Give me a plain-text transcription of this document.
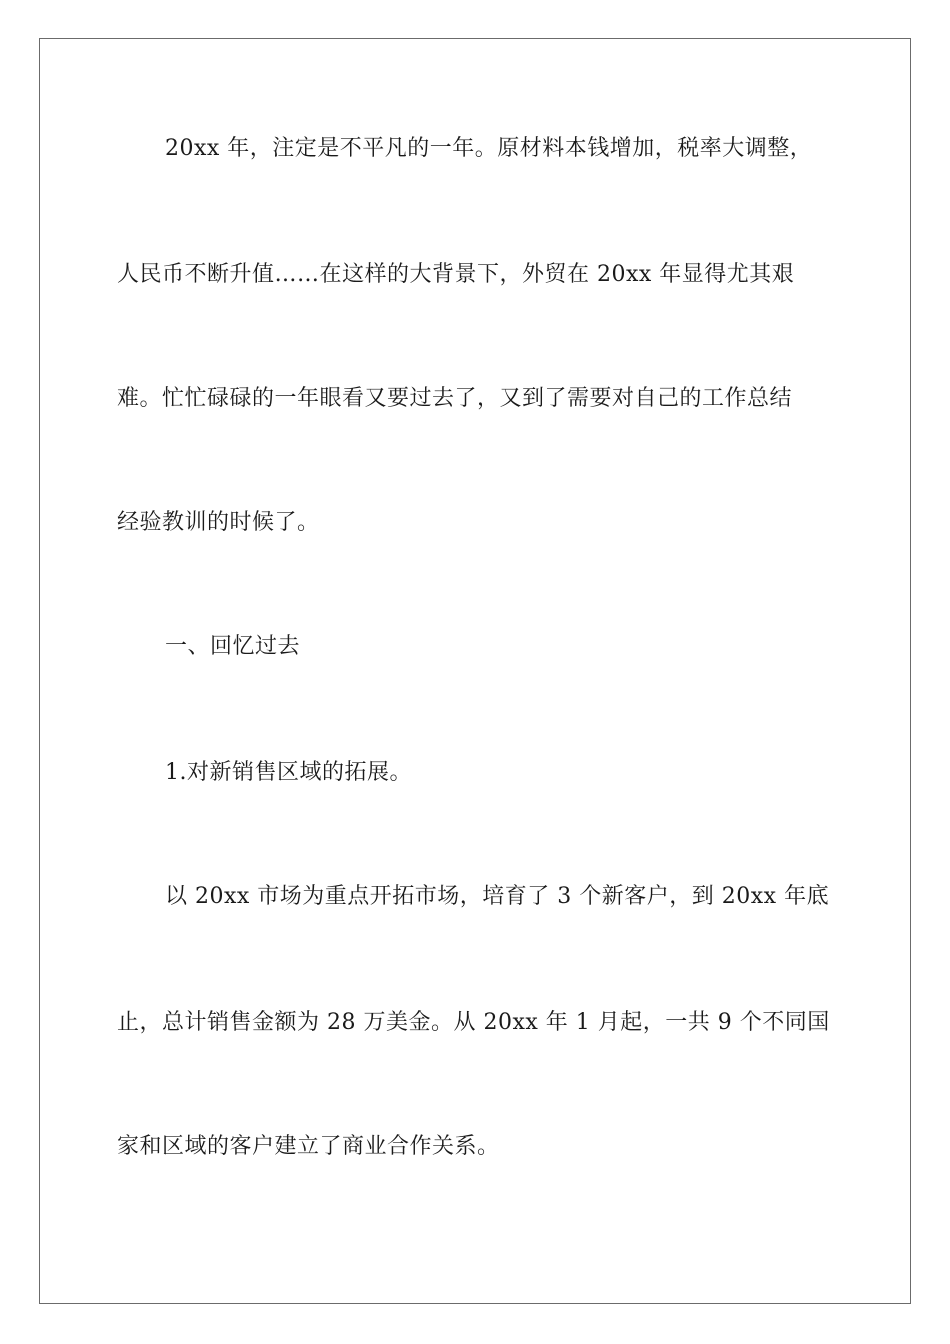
20xx 年，注定是不平凡的一年。原材料本钱增加，税率大调整，
人民币不断升值……在这样的大背景下，外贸在 20xx 年显得尤其艰
难。忙忙碌碌的一年眼看又要过去了，又到了需要对自己的工作总结
经验教训的时候了。
一、回忆过去
1.对新销售区域的拓展。
以 20xx 市场为重点开拓市场，培育了 3 个新客户，到 20xx 年底
止，总计销售金额为 28 万美金。从 20xx 年 1 月起，一共 9 个不同国
家和区域的客户建立了商业合作关系。
